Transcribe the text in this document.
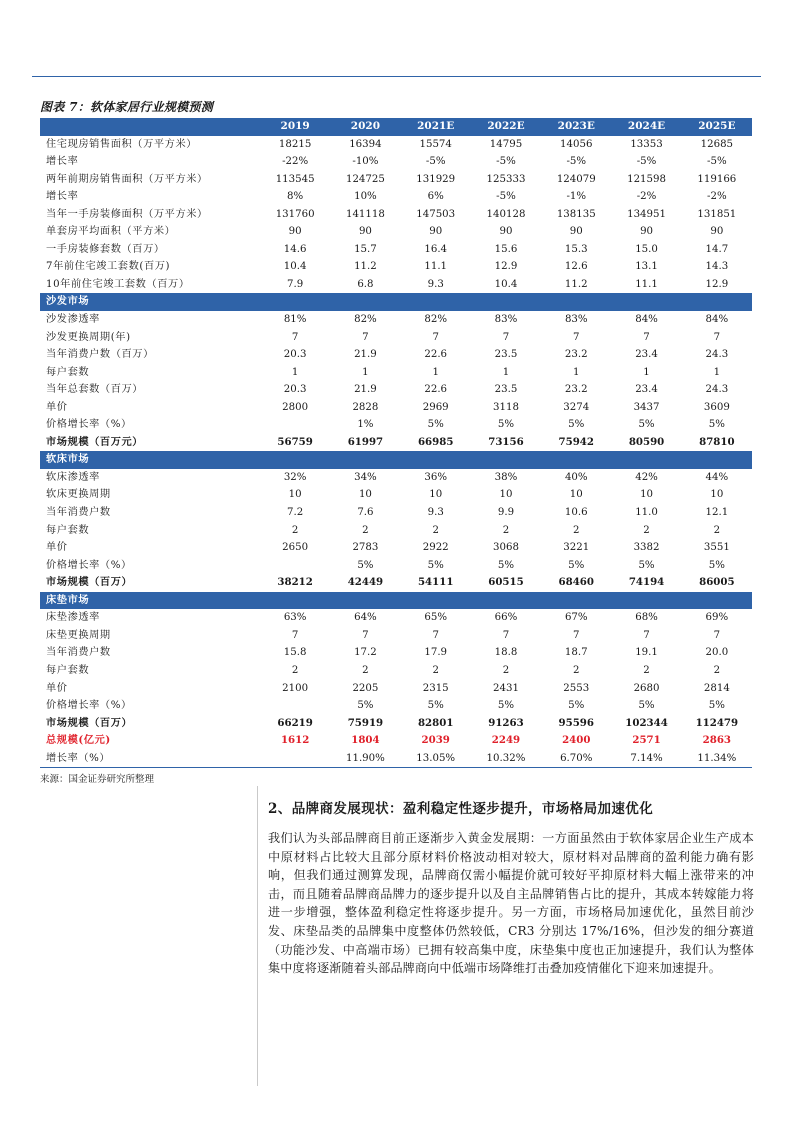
图表 7：软体家居行业规模预测
	2019	2020	2021E	2022E	2023E	2024E	2025E
住宅现房销售面积（万平方米）	18215	16394	15574	14795	14056	13353	12685
增长率	-22%	-10%	-5%	-5%	-5%	-5%	-5%
两年前期房销售面积（万平方米）	113545	124725	131929	125333	124079	121598	119166
增长率	8%	10%	6%	-5%	-1%	-2%	-2%
当年一手房装修面积（万平方米）	131760	141118	147503	140128	138135	134951	131851
单套房平均面积（平方米）	90	90	90	90	90	90	90
一手房装修套数（百万）	14.6	15.7	16.4	15.6	15.3	15.0	14.7
7年前住宅竣工套数(百万)	10.4	11.2	11.1	12.9	12.6	13.1	14.3
10年前住宅竣工套数（百万）	7.9	6.8	9.3	10.4	11.2	11.1	12.9
沙发市场							
沙发渗透率	81%	82%	82%	83%	83%	84%	84%
沙发更换周期(年)	7	7	7	7	7	7	7
当年消费户数（百万）	20.3	21.9	22.6	23.5	23.2	23.4	24.3
每户套数	1	1	1	1	1	1	1
当年总套数（百万）	20.3	21.9	22.6	23.5	23.2	23.4	24.3
单价	2800	2828	2969	3118	3274	3437	3609
价格增长率（%）		1%	5%	5%	5%	5%	5%
市场规模（百万元）	56759	61997	66985	73156	75942	80590	87810
软床市场							
软床渗透率	32%	34%	36%	38%	40%	42%	44%
软床更换周期	10	10	10	10	10	10	10
当年消费户数	7.2	7.6	9.3	9.9	10.6	11.0	12.1
每户套数	2	2	2	2	2	2	2
单价	2650	2783	2922	3068	3221	3382	3551
价格增长率（%）		5%	5%	5%	5%	5%	5%
市场规模（百万）	38212	42449	54111	60515	68460	74194	86005
床垫市场							
床垫渗透率	63%	64%	65%	66%	67%	68%	69%
床垫更换周期	7	7	7	7	7	7	7
当年消费户数	15.8	17.2	17.9	18.8	18.7	19.1	20.0
每户套数	2	2	2	2	2	2	2
单价	2100	2205	2315	2431	2553	2680	2814
价格增长率（%）		5%	5%	5%	5%	5%	5%
市场规模（百万）	66219	75919	82801	91263	95596	102344	112479
总规模(亿元)	1612	1804	2039	2249	2400	2571	2863
增长率（%）		11.90%	13.05%	10.32%	6.70%	7.14%	11.34%
来源：国金证券研究所整理
2、品牌商发展现状：盈利稳定性逐步提升，市场格局加速优化
我们认为头部品牌商目前正逐渐步入黄金发展期：一方面虽然由于软体家居企业生产成本中原材料占比较大且部分原材料价格波动相对较大，原材料对品牌商的盈利能力确有影响，但我们通过测算发现，品牌商仅需小幅提价就可较好平抑原材料大幅上涨带来的冲击，而且随着品牌商品牌力的逐步提升以及自主品牌销售占比的提升，其成本转嫁能力将进一步增强，整体盈利稳定性将逐步提升。另一方面，市场格局加速优化，虽然目前沙发、床垫品类的品牌集中度整体仍然较低，CR3 分别达 17%/16%，但沙发的细分赛道（功能沙发、中高端市场）已拥有较高集中度，床垫集中度也正加速提升，我们认为整体集中度将逐渐随着头部品牌商向中低端市场降维打击叠加疫情催化下迎来加速提升。
